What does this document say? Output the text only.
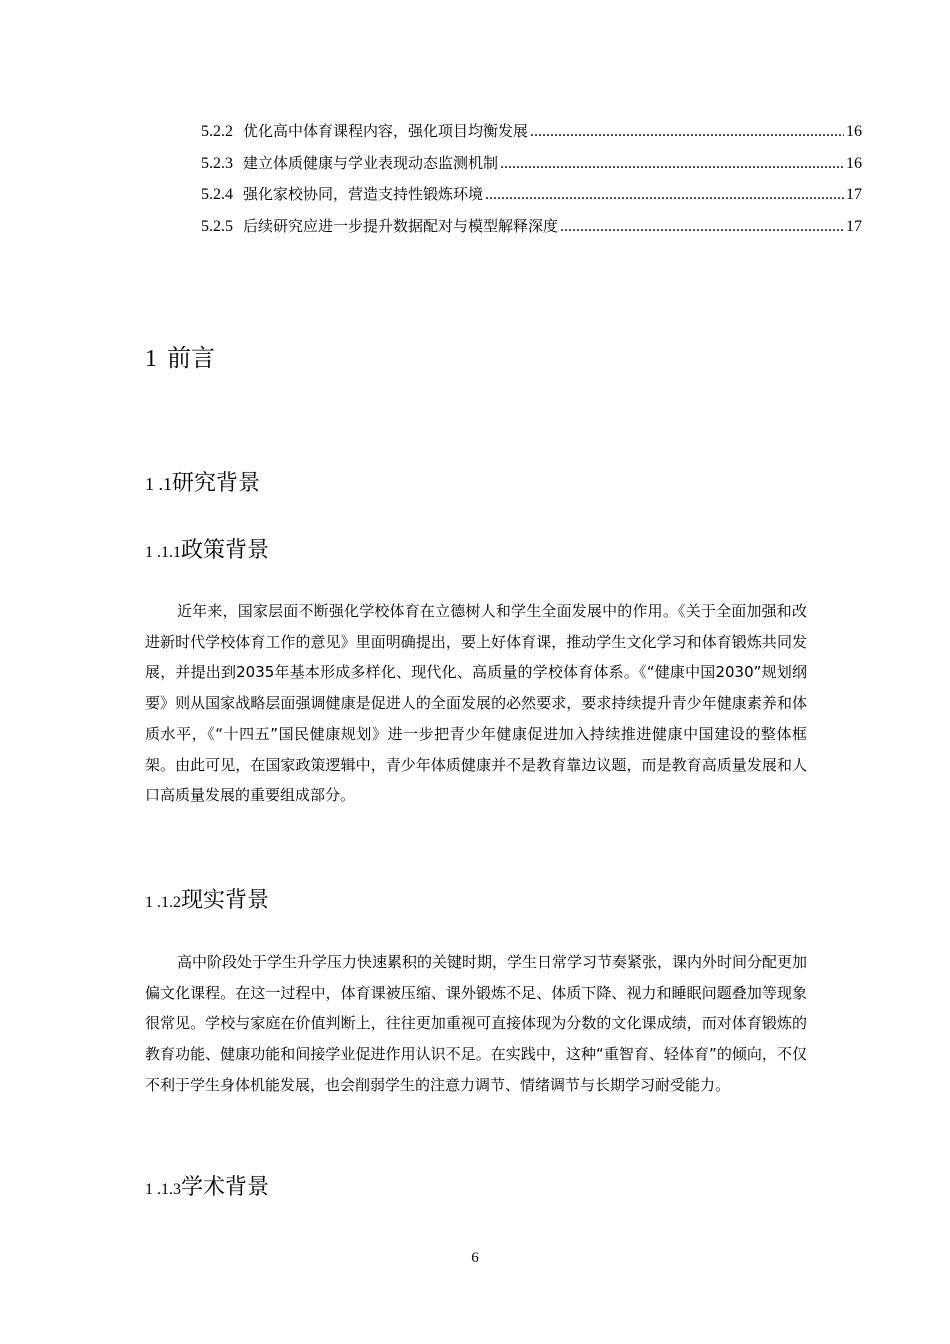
5.2.2 优化高中体育课程内容，强化项目均衡发展 .....	16
5.2.3 建立体质健康与学业表现动态监测机制 .....	16
5.2.4 强化家校协同，营造支持性锻炼环境 .....	17
5.2.5 后续研究应进一步提升数据配对与模型解释深度 .....	17
1 前言
1 .1研究背景
1 .1.1政策背景

近年来，国家层面不断强化学校体育在立德树人和学生全面发展中的作用。《关于全面加强和改进新时代学校体育工作的意见》里面明确提出，要上好体育课，推动学生文化学习和体育锻炼共同发展，并提出到2035年基本形成多样化、现代化、高质量的学校体育体系。《“健康中国2030”规划纲要》则从国家战略层面强调健康是促进人的全面发展的必然要求，要求持续提升青少年健康素养和体质水平，《“十四五”国民健康规划》进一步把青少年健康促进加入持续推进健康中国建设的整体框架。由此可见，在国家政策逻辑中，青少年体质健康并不是教育靠边议题，而是教育高质量发展和人口高质量发展的重要组成部分。

1 .1.2现实背景

高中阶段处于学生升学压力快速累积的关键时期，学生日常学习节奏紧张，课内外时间分配更加偏文化课程。在这一过程中，体育课被压缩、课外锻炼不足、体质下降、视力和睡眠问题叠加等现象很常见。学校与家庭在价值判断上，往往更加重视可直接体现为分数的文化课成绩，而对体育锻炼的教育功能、健康功能和间接学业促进作用认识不足。在实践中，这种“重智育、轻体育”的倾向，不仅不利于学生身体机能发展，也会削弱学生的注意力调节、情绪调节与长期学习耐受能力。

1 .1.3学术背景
6
